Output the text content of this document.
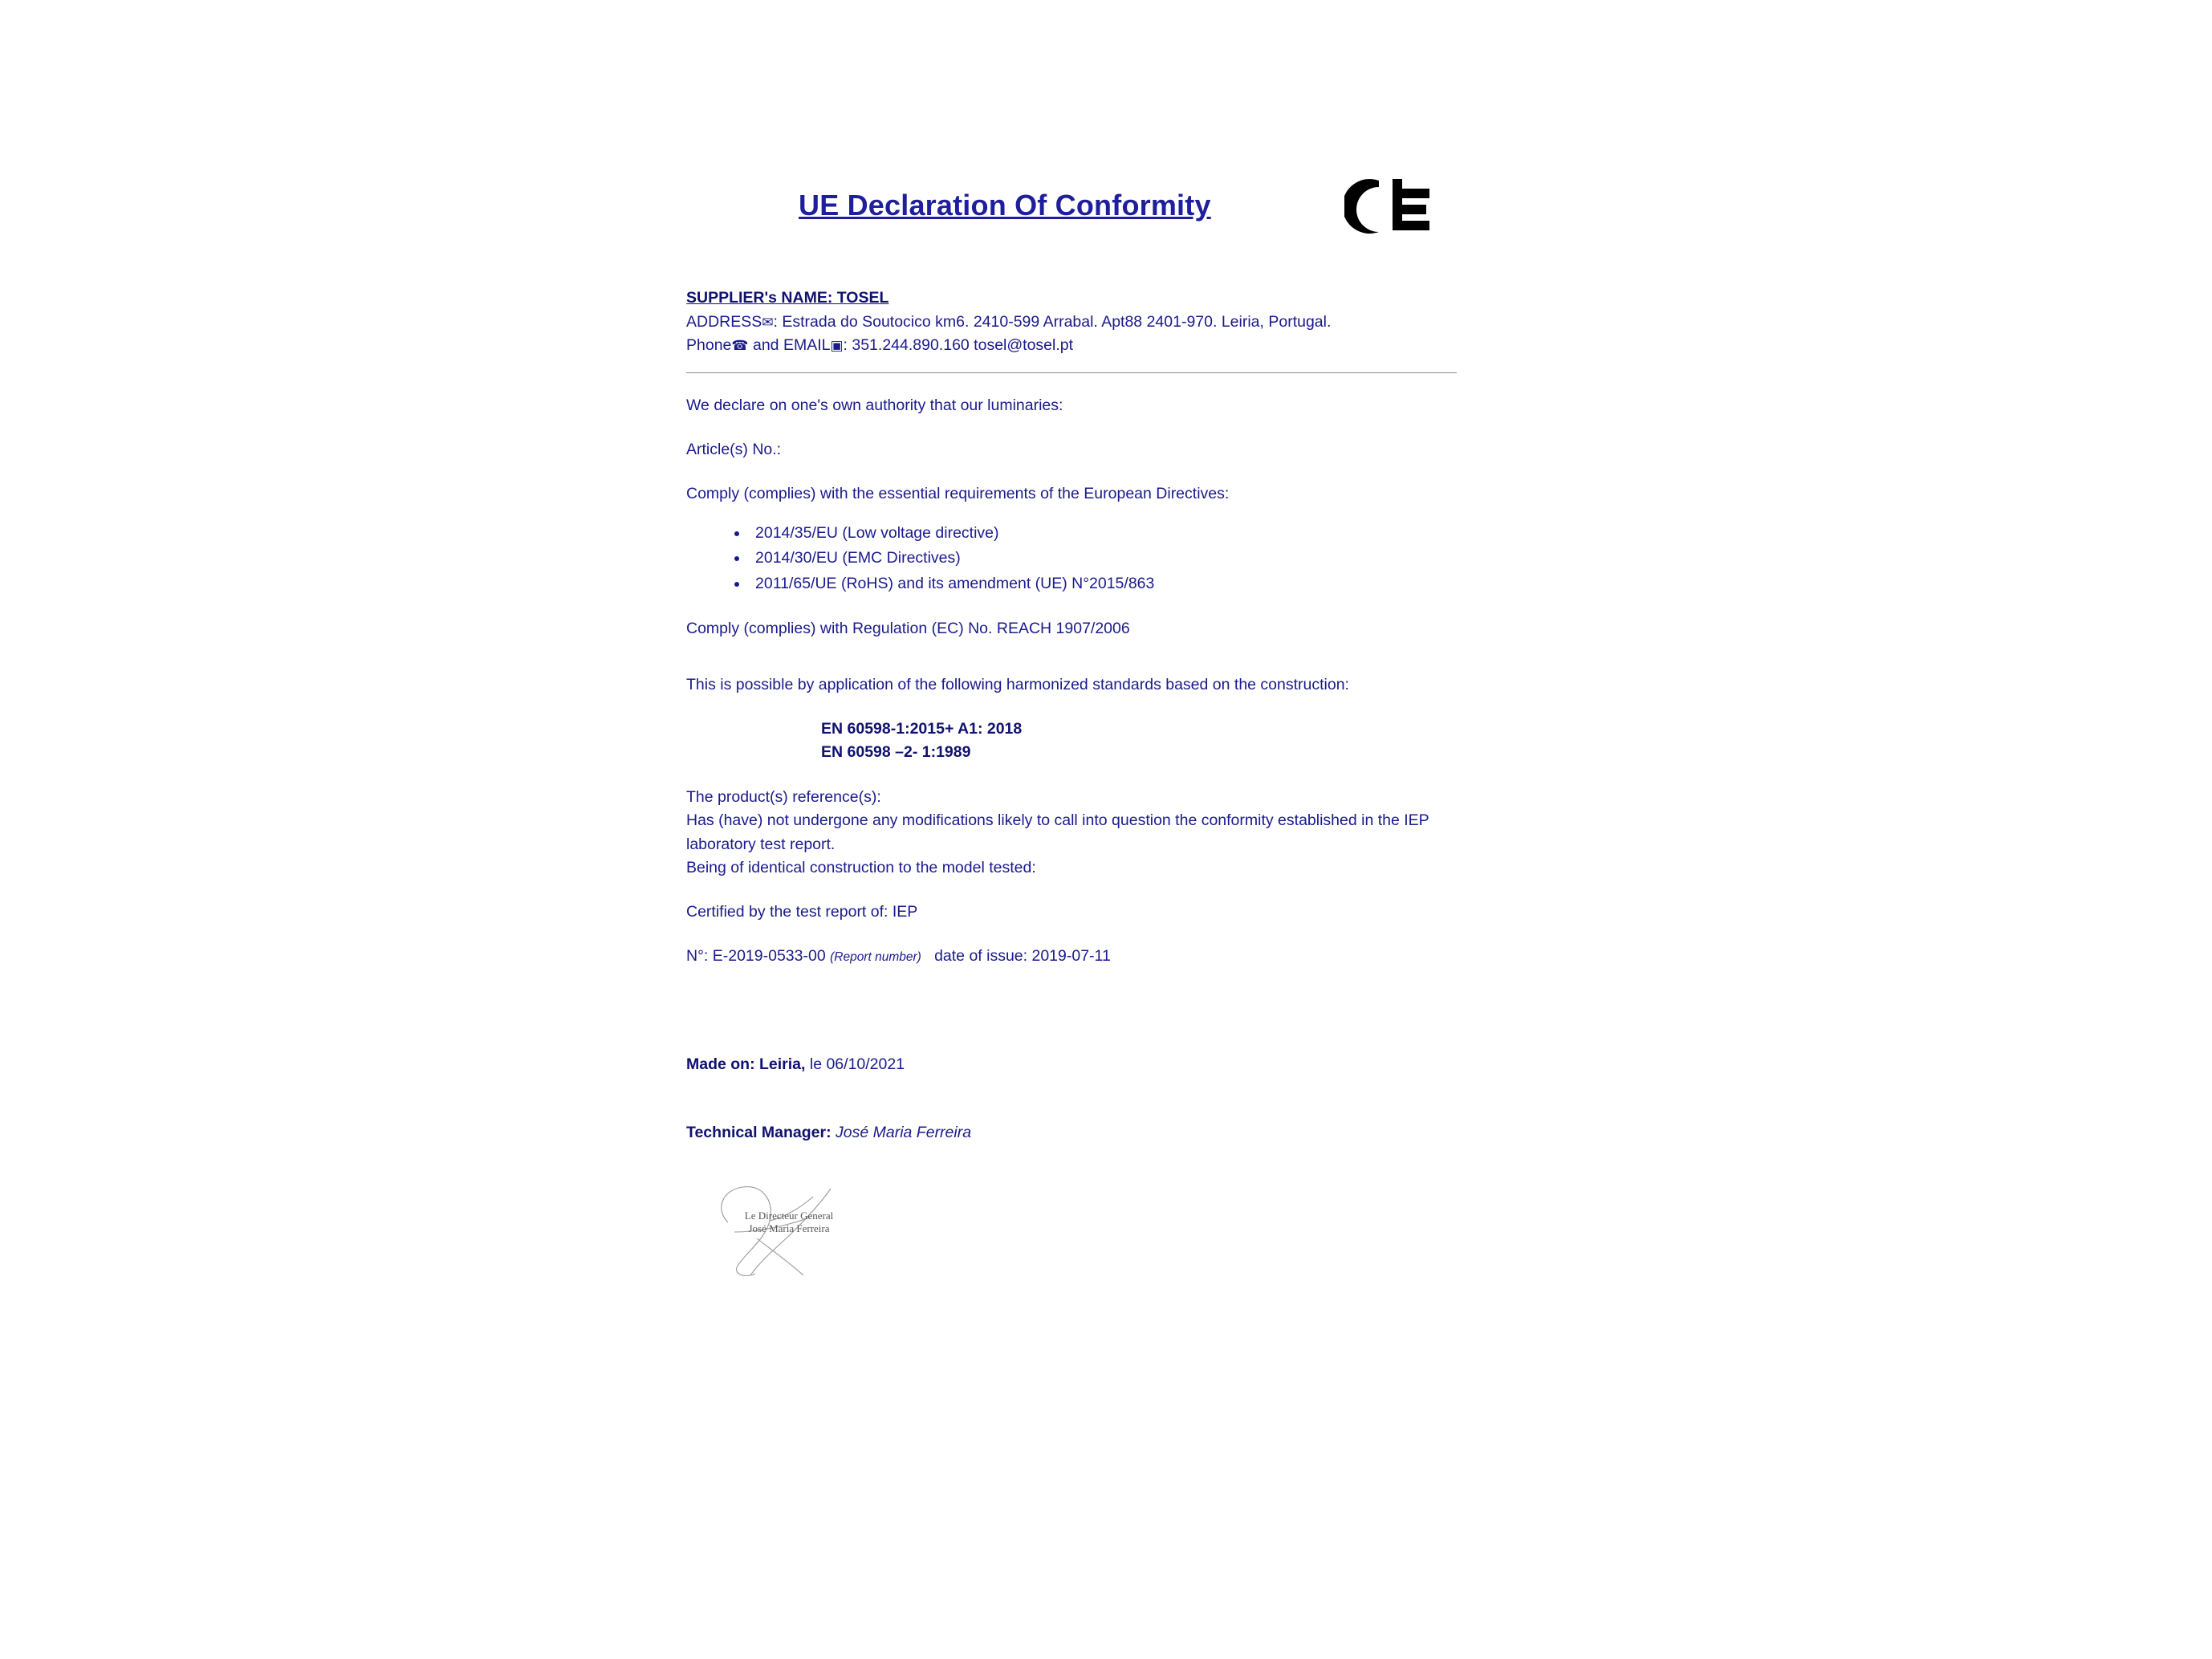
UE Declaration Of Conformity
SUPPLIER's NAME: TOSEL
ADDRESS✉: Estrada do Soutocico km6. 2410-599 Arrabal. Apt88 2401-970. Leiria, Portugal.
Phone☎ and EMAIL▣: 351.244.890.160 tosel@tosel.pt
We declare on one's own authority that our luminaries:
Article(s) No.:
Comply (complies) with the essential requirements of the European Directives:
• 2014/35/EU (Low voltage directive)
• 2014/30/EU (EMC Directives)
• 2011/65/UE (RoHS) and its amendment (UE) N°2015/863
Comply (complies) with Regulation (EC) No. REACH 1907/2006
This is possible by application of the following harmonized standards based on the construction:
EN 60598-1:2015+ A1: 2018
EN 60598 –2- 1:1989
The product(s) reference(s):
Has (have) not undergone any modifications likely to call into question the conformity established in the IEP laboratory test report.
Being of identical construction to the model tested:
Certified by the test report of: IEP
N°: E-2019-0533-00 (Report number) date of issue: 2019-07-11
Made on: Leiria, le 06/10/2021
Technical Manager: José Maria Ferreira
Le Directeur General
José Maria Ferreira
